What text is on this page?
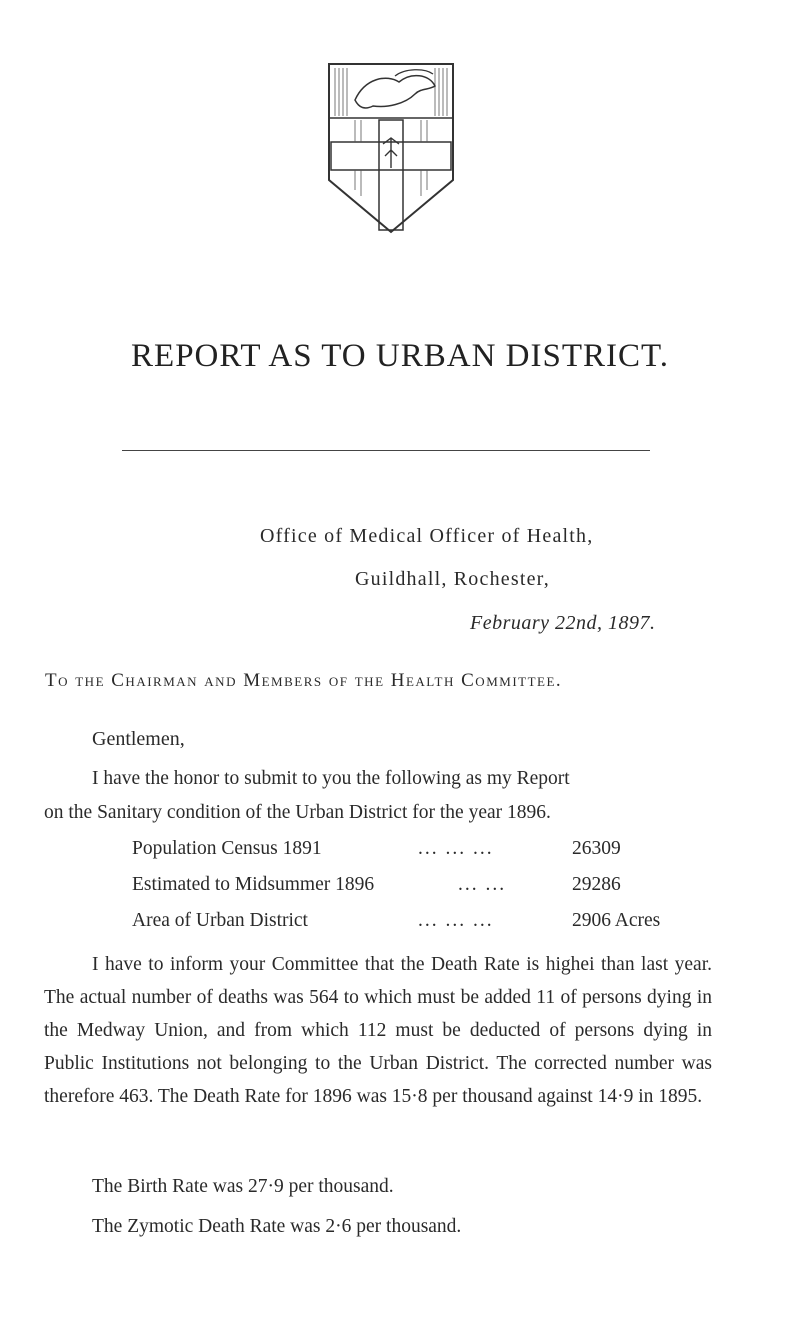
REPORT AS TO URBAN DISTRICT.
Office of Medical Officer of Health,
Guildhall, Rochester,
February 22nd, 1897.
To the Chairman and Members of the Health Committee.
Gentlemen,
I have the honor to submit to you the following as my Report
on the Sanitary condition of the Urban District for the year 1896.
Population Census 1891	... ... ...	26309
Estimated to Midsummer 1896	... ...	29286
Area of Urban District	... ... ...	2906 Acres
I have to inform your Committee that the Death Rate is highei than last year. The actual number of deaths was 564 to which must be added 11 of persons dying in the Medway Union, and from which 112 must be deducted of persons dying in Public Institutions not belonging to the Urban District. The corrected number was therefore 463. The Death Rate for 1896 was 15·8 per thousand against 14·9 in 1895.
The Birth Rate was 27·9 per thousand.
The Zymotic Death Rate was 2·6 per thousand.
